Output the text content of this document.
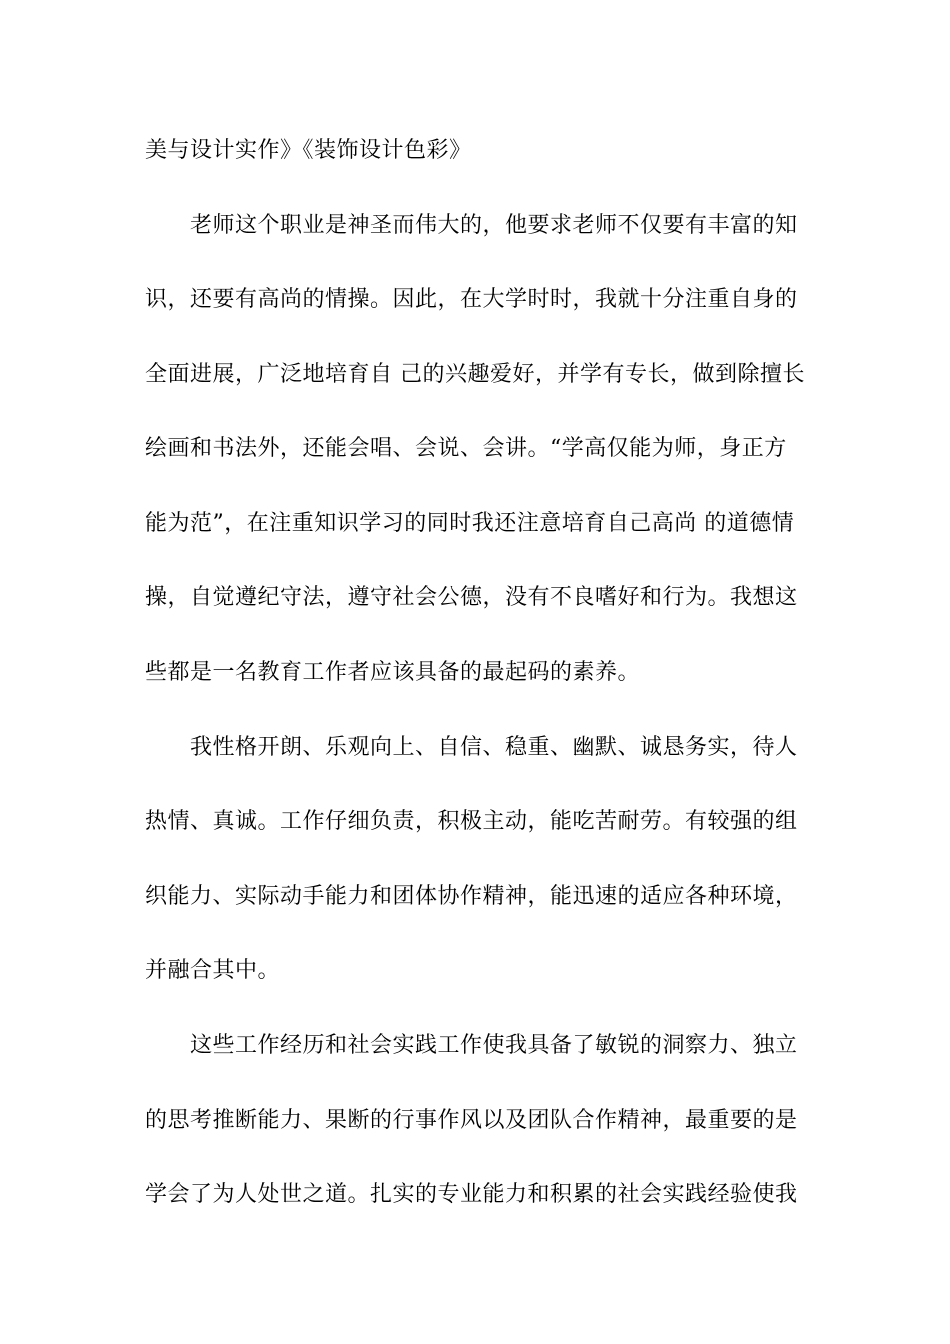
美与设计实作》《装饰设计色彩》
老师这个职业是神圣而伟大的，他要求老师不仅要有丰富的知
识，还要有高尚的情操。因此，在大学时时，我就十分注重自身的
全面进展，广泛地培育自 己的兴趣爱好，并学有专长，做到除擅长
绘画和书法外，还能会唱、会说、会讲。“学高仅能为师，身正方
能为范”，在注重知识学习的同时我还注意培育自己高尚 的道德情
操，自觉遵纪守法，遵守社会公德，没有不良嗜好和行为。我想这
些都是一名教育工作者应该具备的最起码的素养。
我性格开朗、乐观向上、自信、稳重、幽默、诚恳务实，待人
热情、真诚。工作仔细负责，积极主动，能吃苦耐劳。有较强的组
织能力、实际动手能力和团体协作精神，能迅速的适应各种环境，
并融合其中。
这些工作经历和社会实践工作使我具备了敏锐的洞察力、独立
的思考推断能力、果断的行事作风以及团队合作精神，最重要的是
学会了为人处世之道。扎实的专业能力和积累的社会实践经验使我
